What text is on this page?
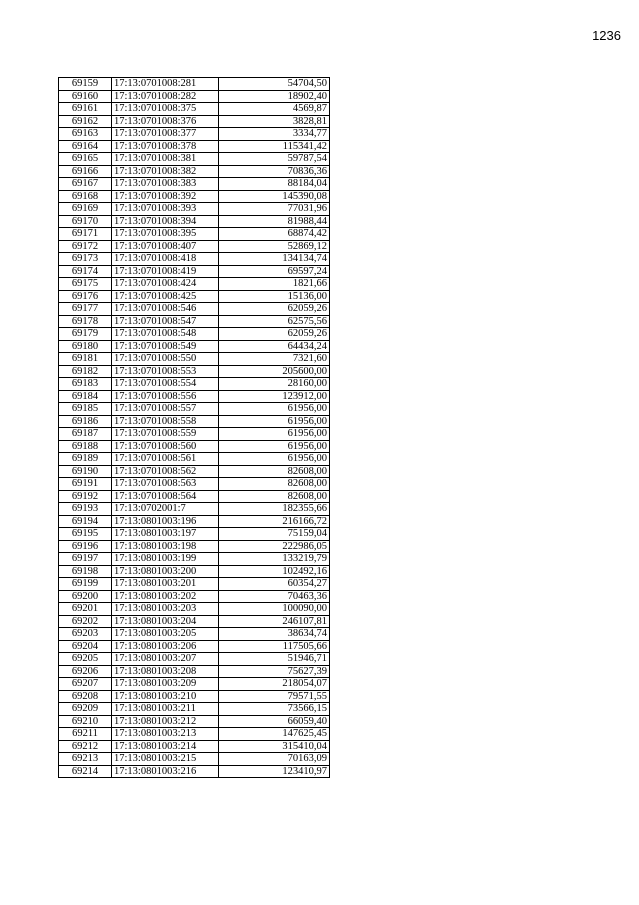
1236
69159	17:13:0701008:281	54704,50
69160	17:13:0701008:282	18902,40
69161	17:13:0701008:375	4569,87
69162	17:13:0701008:376	3828,81
69163	17:13:0701008:377	3334,77
69164	17:13:0701008:378	115341,42
69165	17:13:0701008:381	59787,54
69166	17:13:0701008:382	70836,36
69167	17:13:0701008:383	88184,04
69168	17:13:0701008:392	145390,08
69169	17:13:0701008:393	77031,96
69170	17:13:0701008:394	81988,44
69171	17:13:0701008:395	68874,42
69172	17:13:0701008:407	52869,12
69173	17:13:0701008:418	134134,74
69174	17:13:0701008:419	69597,24
69175	17:13:0701008:424	1821,66
69176	17:13:0701008:425	15136,00
69177	17:13:0701008:546	62059,26
69178	17:13:0701008:547	62575,56
69179	17:13:0701008:548	62059,26
69180	17:13:0701008:549	64434,24
69181	17:13:0701008:550	7321,60
69182	17:13:0701008:553	205600,00
69183	17:13:0701008:554	28160,00
69184	17:13:0701008:556	123912,00
69185	17:13:0701008:557	61956,00
69186	17:13:0701008:558	61956,00
69187	17:13:0701008:559	61956,00
69188	17:13:0701008:560	61956,00
69189	17:13:0701008:561	61956,00
69190	17:13:0701008:562	82608,00
69191	17:13:0701008:563	82608,00
69192	17:13:0701008:564	82608,00
69193	17:13:0702001:7	182355,66
69194	17:13:0801003:196	216166,72
69195	17:13:0801003:197	75159,04
69196	17:13:0801003:198	222986,05
69197	17:13:0801003:199	133219,79
69198	17:13:0801003:200	102492,16
69199	17:13:0801003:201	60354,27
69200	17:13:0801003:202	70463,36
69201	17:13:0801003:203	100090,00
69202	17:13:0801003:204	246107,81
69203	17:13:0801003:205	38634,74
69204	17:13:0801003:206	117505,66
69205	17:13:0801003:207	51946,71
69206	17:13:0801003:208	75627,39
69207	17:13:0801003:209	218054,07
69208	17:13:0801003:210	79571,55
69209	17:13:0801003:211	73566,15
69210	17:13:0801003:212	66059,40
69211	17:13:0801003:213	147625,45
69212	17:13:0801003:214	315410,04
69213	17:13:0801003:215	70163,09
69214	17:13:0801003:216	123410,97
